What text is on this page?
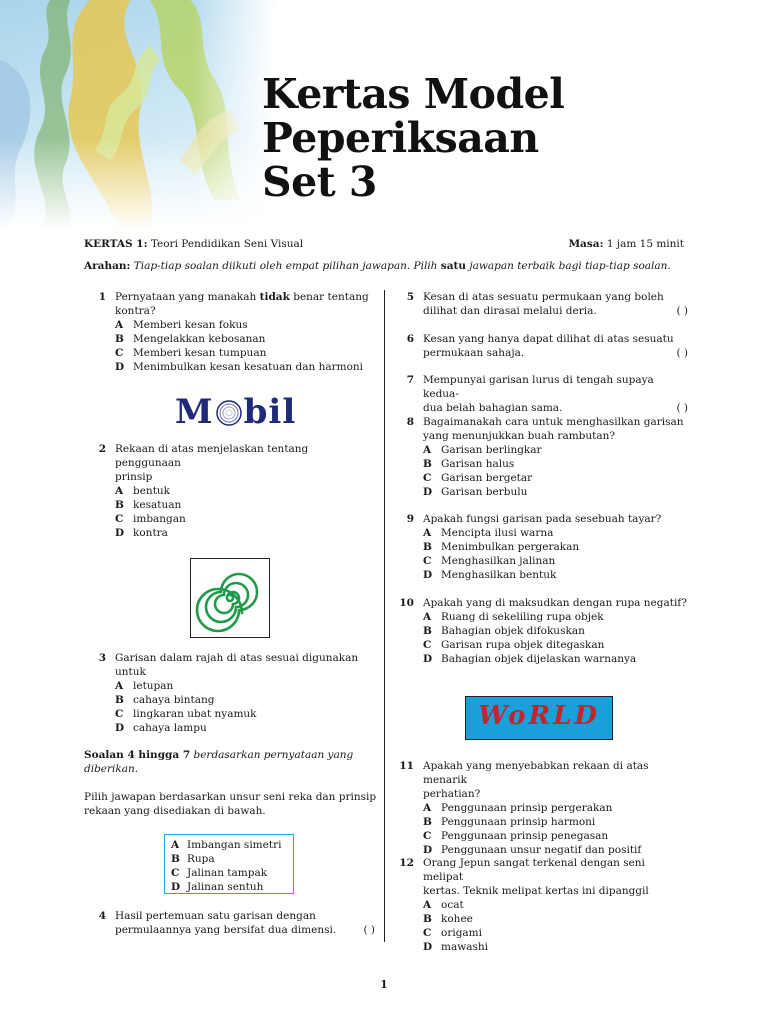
Kertas Model
Peperiksaan
Set 3
KERTAS 1: Teori Pendidikan Seni Visual	Masa: 1 jam 15 minit
Arahan: Tiap-tiap soalan diikuti oleh empat pilihan jawapan. Pilih satu jawapan terbaik bagi tiap-tiap soalan.
1 Pernyataan yang manakah tidak benar tentang
kontra?
A Memberi kesan fokus
B Mengelakkan kebosanan
C Memberi kesan tumpuan
D Menimbulkan kesan kesatuan dan harmoni
2 Rekaan di atas menjelaskan tentang penggunaan
prinsip
A bentuk
B kesatuan
C imbangan
D kontra
3 Garisan dalam rajah di atas sesuai digunakan
untuk
A letupan
B cahaya bintang
C lingkaran ubat nyamuk
D cahaya lampu
4 Hasil pertemuan satu garisan dengan
permulaannya yang bersifat dua dimensi.	( )
M bil
Soalan 4 hingga 7 berdasarkan pernyataan yang
diberikan.
Pilih jawapan berdasarkan unsur seni reka dan prinsip
rekaan yang disediakan di bawah.
A Imbangan simetri
B Rupa
C Jalinan tampak
D Jalinan sentuh
5 Kesan di atas sesuatu permukaan yang boleh
dilihat dan dirasai melalui deria.	( )
6 Kesan yang hanya dapat dilihat di atas sesuatu
permukaan sahaja.	( )
7 Mempunyai garisan lurus di tengah supaya kedua-
dua belah bahagian sama.	( )
8 Bagaimanakah cara untuk menghasilkan garisan
yang menunjukkan buah rambutan?
A Garisan berlingkar
B Garisan halus
C Garisan bergetar
D Garisan berbulu
9 Apakah fungsi garisan pada sesebuah tayar?
A Mencipta ilusi warna
B Menimbulkan pergerakan
C Menghasilkan jalinan
D Menghasilkan bentuk
10 Apakah yang di maksudkan dengan rupa negatif?
A Ruang di sekeliling rupa objek
B Bahagian objek difokuskan
C Garisan rupa objek ditegaskan
D Bahagian objek dijelaskan warnanya
11 Apakah yang menyebabkan rekaan di atas menarik
perhatian?
A Penggunaan prinsip pergerakan
B Penggunaan prinsip harmoni
C Penggunaan prinsip penegasan
D Penggunaan unsur negatif dan positif
12 Orang Jepun sangat terkenal dengan seni melipat
kertas. Teknik melipat kertas ini dipanggil
A ocat
B kohee
C origami
D mawashi
WoRLD
1
